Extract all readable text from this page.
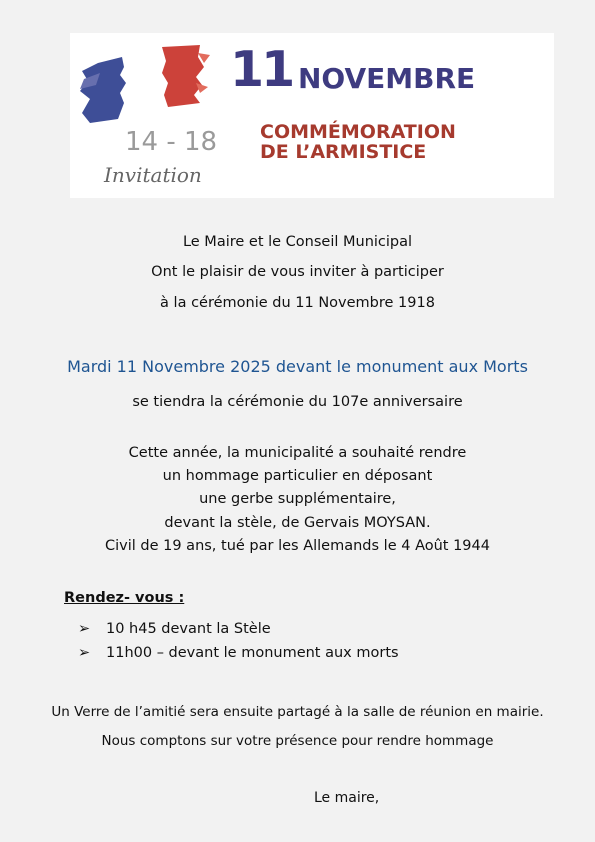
11 NOVEMBRE
14 - 18
Invitation
COMMÉMORATION
DE L’ARMISTICE
Le Maire et le Conseil Municipal
Ont le plaisir de vous inviter à participer
à la cérémonie du 11 Novembre 1918
Mardi 11 Novembre 2025 devant le monument aux Morts
se tiendra la cérémonie du 107e anniversaire
Cette année, la municipalité a souhaité rendre
un hommage particulier en déposant
une gerbe supplémentaire,
devant la stèle, de Gervais MOYSAN.
Civil de 19 ans, tué par les Allemands le 4 Août 1944
Rendez- vous :
➢ 10 h45 devant la Stèle
➢ 11h00 – devant le monument aux morts
Un Verre de l’amitié sera ensuite partagé à la salle de réunion en mairie.
Nous comptons sur votre présence pour rendre hommage
Le maire,
